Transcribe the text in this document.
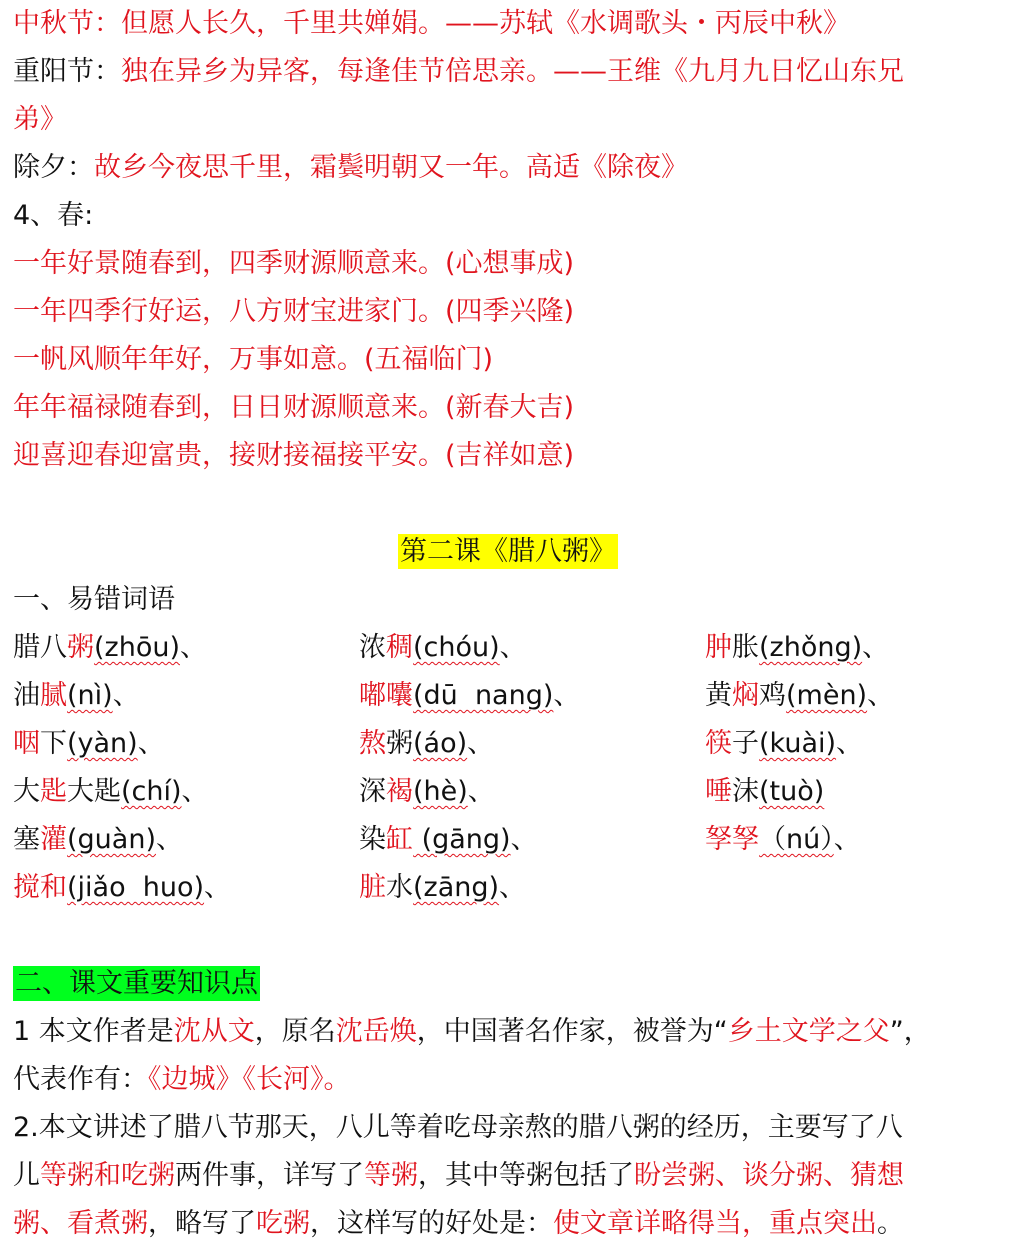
中秋节：但愿人长久，千里共婵娟。——苏轼《水调歌头・丙辰中秋》
重阳节：独在异乡为异客，每逢佳节倍思亲。——王维《九月九日忆山东兄
弟》
除夕：故乡今夜思千里，霜鬓明朝又一年。高适《除夜》
4、春:
一年好景随春到，四季财源顺意来。(心想事成)
一年四季行好运，八方财宝进家门。(四季兴隆)
一帆风顺年年好，万事如意。(五福临门)
年年福禄随春到，日日财源顺意来。(新春大吉)
迎喜迎春迎富贵，接财接福接平安。(吉祥如意)
第二课《腊八粥》
一、易错词语
腊八粥(zhōu)、	浓稠(chóu)、	肿胀(zhǒng)、
油腻(nì)、	嘟囔(dū  nang)、	黄焖鸡(mèn)、
咽下(yàn)、	熬粥(áo)、	筷子(kuài)、
大匙大匙(chí)、	深褐(hè)、	唾沫(tuò)
塞灌(guàn)、	染缸 (gāng)、	孥孥（nú）、
搅和(jiǎo  huo)、	脏水(zāng)、
二、课文重要知识点
1 本文作者是沈从文，原名沈岳焕，中国著名作家，被誉为“乡土文学之父”，
代表作有：《边城》《长河》。
2.本文讲述了腊八节那天，八儿等着吃母亲熬的腊八粥的经历，主要写了八
儿等粥和吃粥两件事，详写了等粥，其中等粥包括了盼尝粥、谈分粥、猜想
粥、看煮粥，略写了吃粥，这样写的好处是：使文章详略得当，重点突出。
